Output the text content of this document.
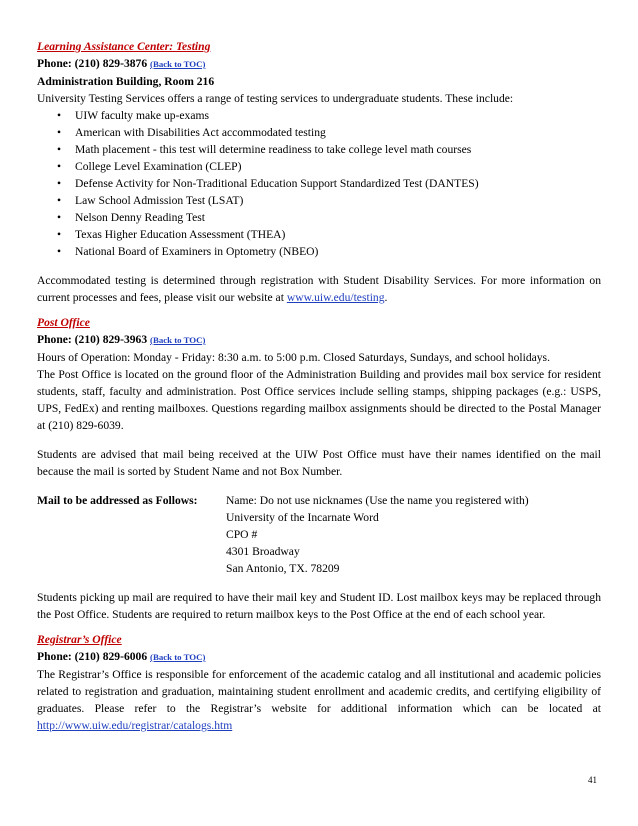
Learning Assistance Center: Testing
Phone: (210) 829-3876 (Back to TOC)
Administration Building, Room 216
University Testing Services offers a range of testing services to undergraduate students. These include:
• UIW faculty make up-exams
• American with Disabilities Act accommodated testing
• Math placement - this test will determine readiness to take college level math courses
• College Level Examination (CLEP)
• Defense Activity for Non-Traditional Education Support Standardized Test (DANTES)
• Law School Admission Test (LSAT)
• Nelson Denny Reading Test
• Texas Higher Education Assessment (THEA)
• National Board of Examiners in Optometry (NBEO)
Accommodated testing is determined through registration with Student Disability Services. For more information on current processes and fees, please visit our website at www.uiw.edu/testing.
Post Office
Phone: (210) 829-3963 (Back to TOC)
Hours of Operation: Monday - Friday: 8:30 a.m. to 5:00 p.m. Closed Saturdays, Sundays, and school holidays.
The Post Office is located on the ground floor of the Administration Building and provides mail box service for resident students, staff, faculty and administration. Post Office services include selling stamps, shipping packages (e.g.: USPS, UPS, FedEx) and renting mailboxes. Questions regarding mailbox assignments should be directed to the Postal Manager at (210) 829-6039.
Students are advised that mail being received at the UIW Post Office must have their names identified on the mail because the mail is sorted by Student Name and not Box Number.
Mail to be addressed as Follows:	Name: Do not use nicknames (Use the name you registered with)
University of the Incarnate Word
CPO #
4301 Broadway
San Antonio, TX. 78209
Students picking up mail are required to have their mail key and Student ID. Lost mailbox keys may be replaced through the Post Office. Students are required to return mailbox keys to the Post Office at the end of each school year.
Registrar’s Office
Phone: (210) 829-6006 (Back to TOC)
The Registrar’s Office is responsible for enforcement of the academic catalog and all institutional and academic policies related to registration and graduation, maintaining student enrollment and academic credits, and certifying eligibility of graduates. Please refer to the Registrar’s website for additional information which can be located at http://www.uiw.edu/registrar/catalogs.htm
41
